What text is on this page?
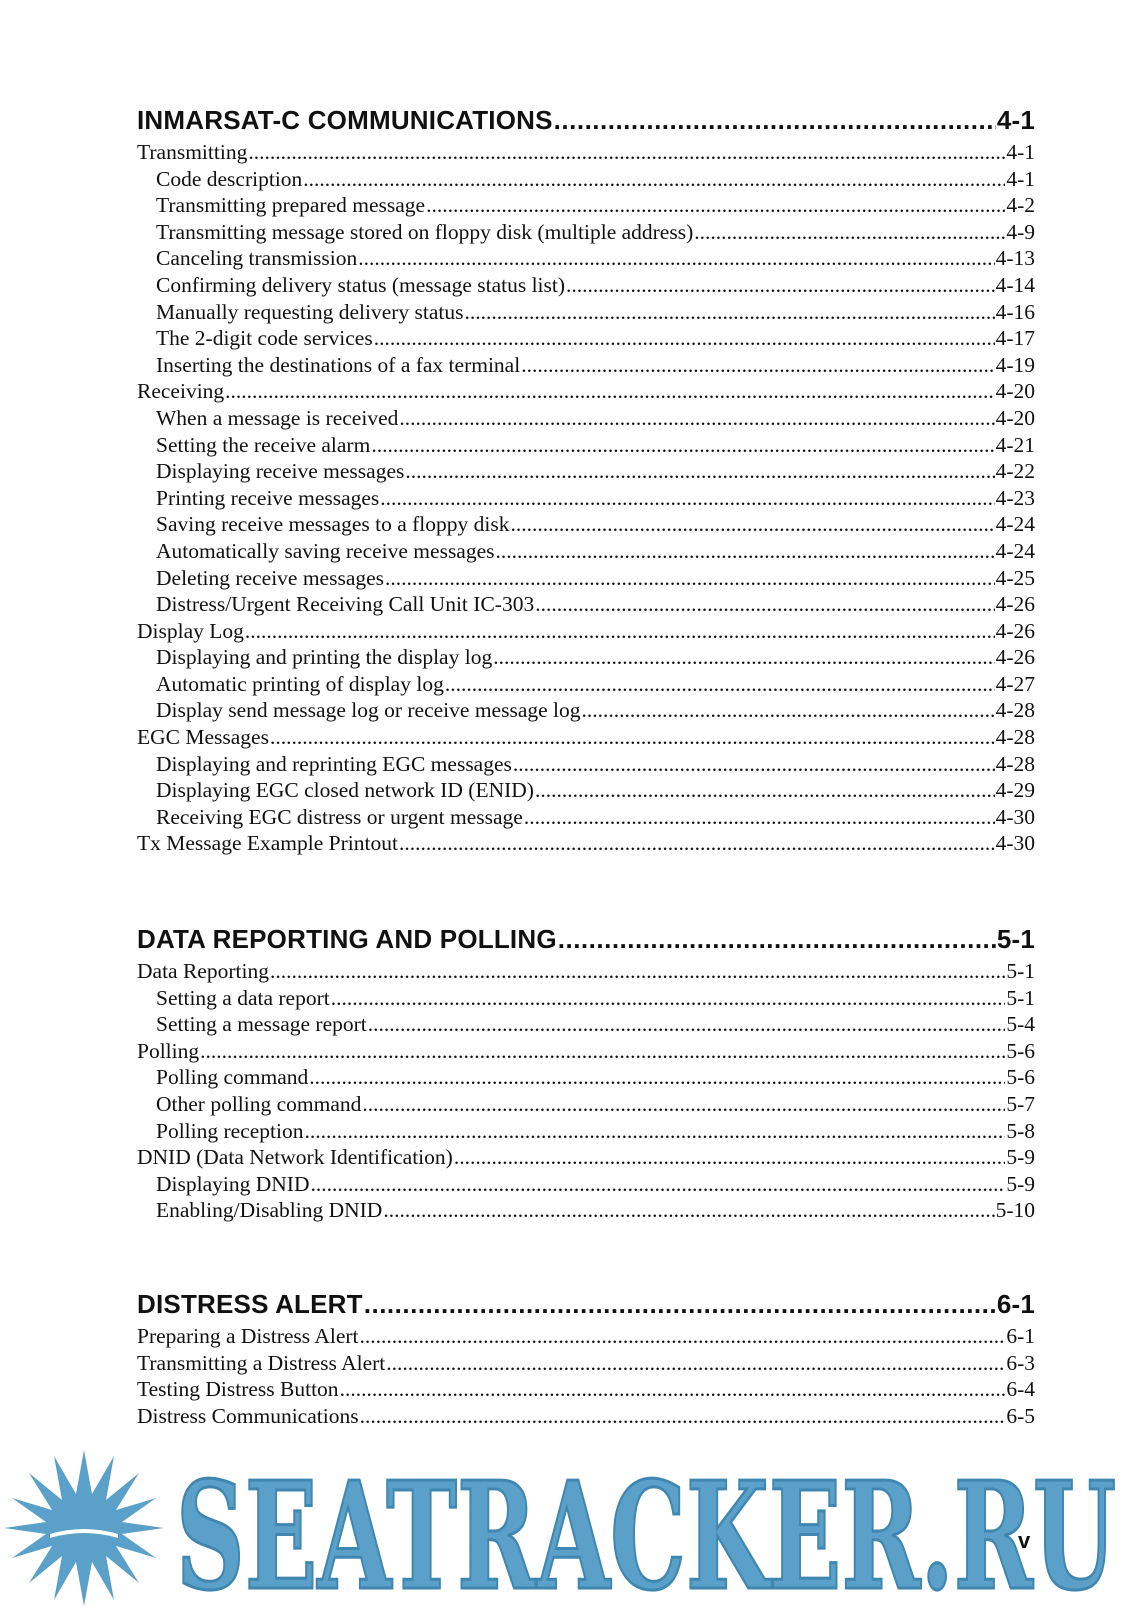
INMARSAT-C COMMUNICATIONS .....	4-1
Transmitting .....	4-1
Code description .....	4-1
Transmitting prepared message .....	4-2
Transmitting message stored on floppy disk (multiple address) .....	4-9
Canceling transmission .....	4-13
Confirming delivery status (message status list) .....	4-14
Manually requesting delivery status .....	4-16
The 2-digit code services .....	4-17
Inserting the destinations of a fax terminal .....	4-19
Receiving .....	4-20
When a message is received .....	4-20
Setting the receive alarm .....	4-21
Displaying receive messages .....	4-22
Printing receive messages .....	4-23
Saving receive messages to a floppy disk .....	4-24
Automatically saving receive messages .....	4-24
Deleting receive messages .....	4-25
Distress/Urgent Receiving Call Unit IC-303 .....	4-26
Display Log .....	4-26
Displaying and printing the display log .....	4-26
Automatic printing of display log .....	4-27
Display send message log or receive message log .....	4-28
EGC Messages .....	4-28
Displaying and reprinting EGC messages .....	4-28
Displaying EGC closed network ID (ENID) .....	4-29
Receiving EGC distress or urgent message .....	4-30
Tx Message Example Printout .....	4-30
DATA REPORTING AND POLLING .....	5-1
Data Reporting .....	5-1
Setting a data report .....	5-1
Setting a message report .....	5-4
Polling .....	5-6
Polling command .....	5-6
Other polling command .....	5-7
Polling reception .....	5-8
DNID (Data Network Identification) .....	5-9
Displaying DNID .....	5-9
Enabling/Disabling DNID .....	5-10
DISTRESS ALERT .....	6-1
Preparing a Distress Alert .....	6-1
Transmitting a Distress Alert .....	6-3
Testing Distress Button .....	6-4
Distress Communications .....	6-5
SEATRACKER.RU
v
